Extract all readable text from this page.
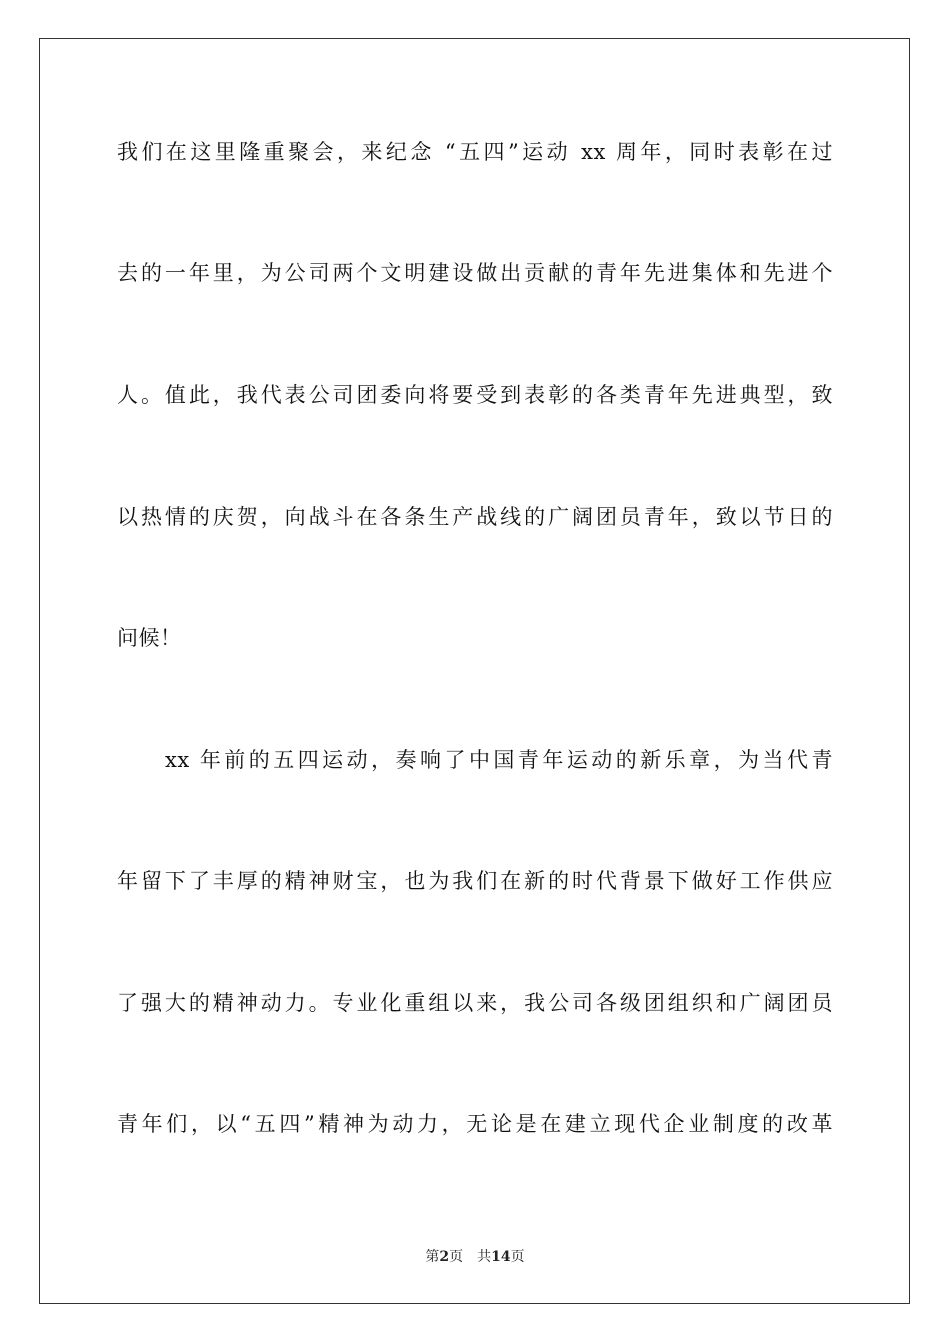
我们在这里隆重聚会，来纪念 “五四”运动 xx 周年，同时表彰在过
去的一年里，为公司两个文明建设做出贡献的青年先进集体和先进个
人。值此，我代表公司团委向将要受到表彰的各类青年先进典型，致
以热情的庆贺，向战斗在各条生产战线的广阔团员青年，致以节日的
问候！
xx 年前的五四运动，奏响了中国青年运动的新乐章，为当代青
年留下了丰厚的精神财宝，也为我们在新的时代背景下做好工作供应
了强大的精神动力。专业化重组以来，我公司各级团组织和广阔团员
青年们，以“五四”精神为动力，无论是在建立现代企业制度的改革
第2页 共14页
